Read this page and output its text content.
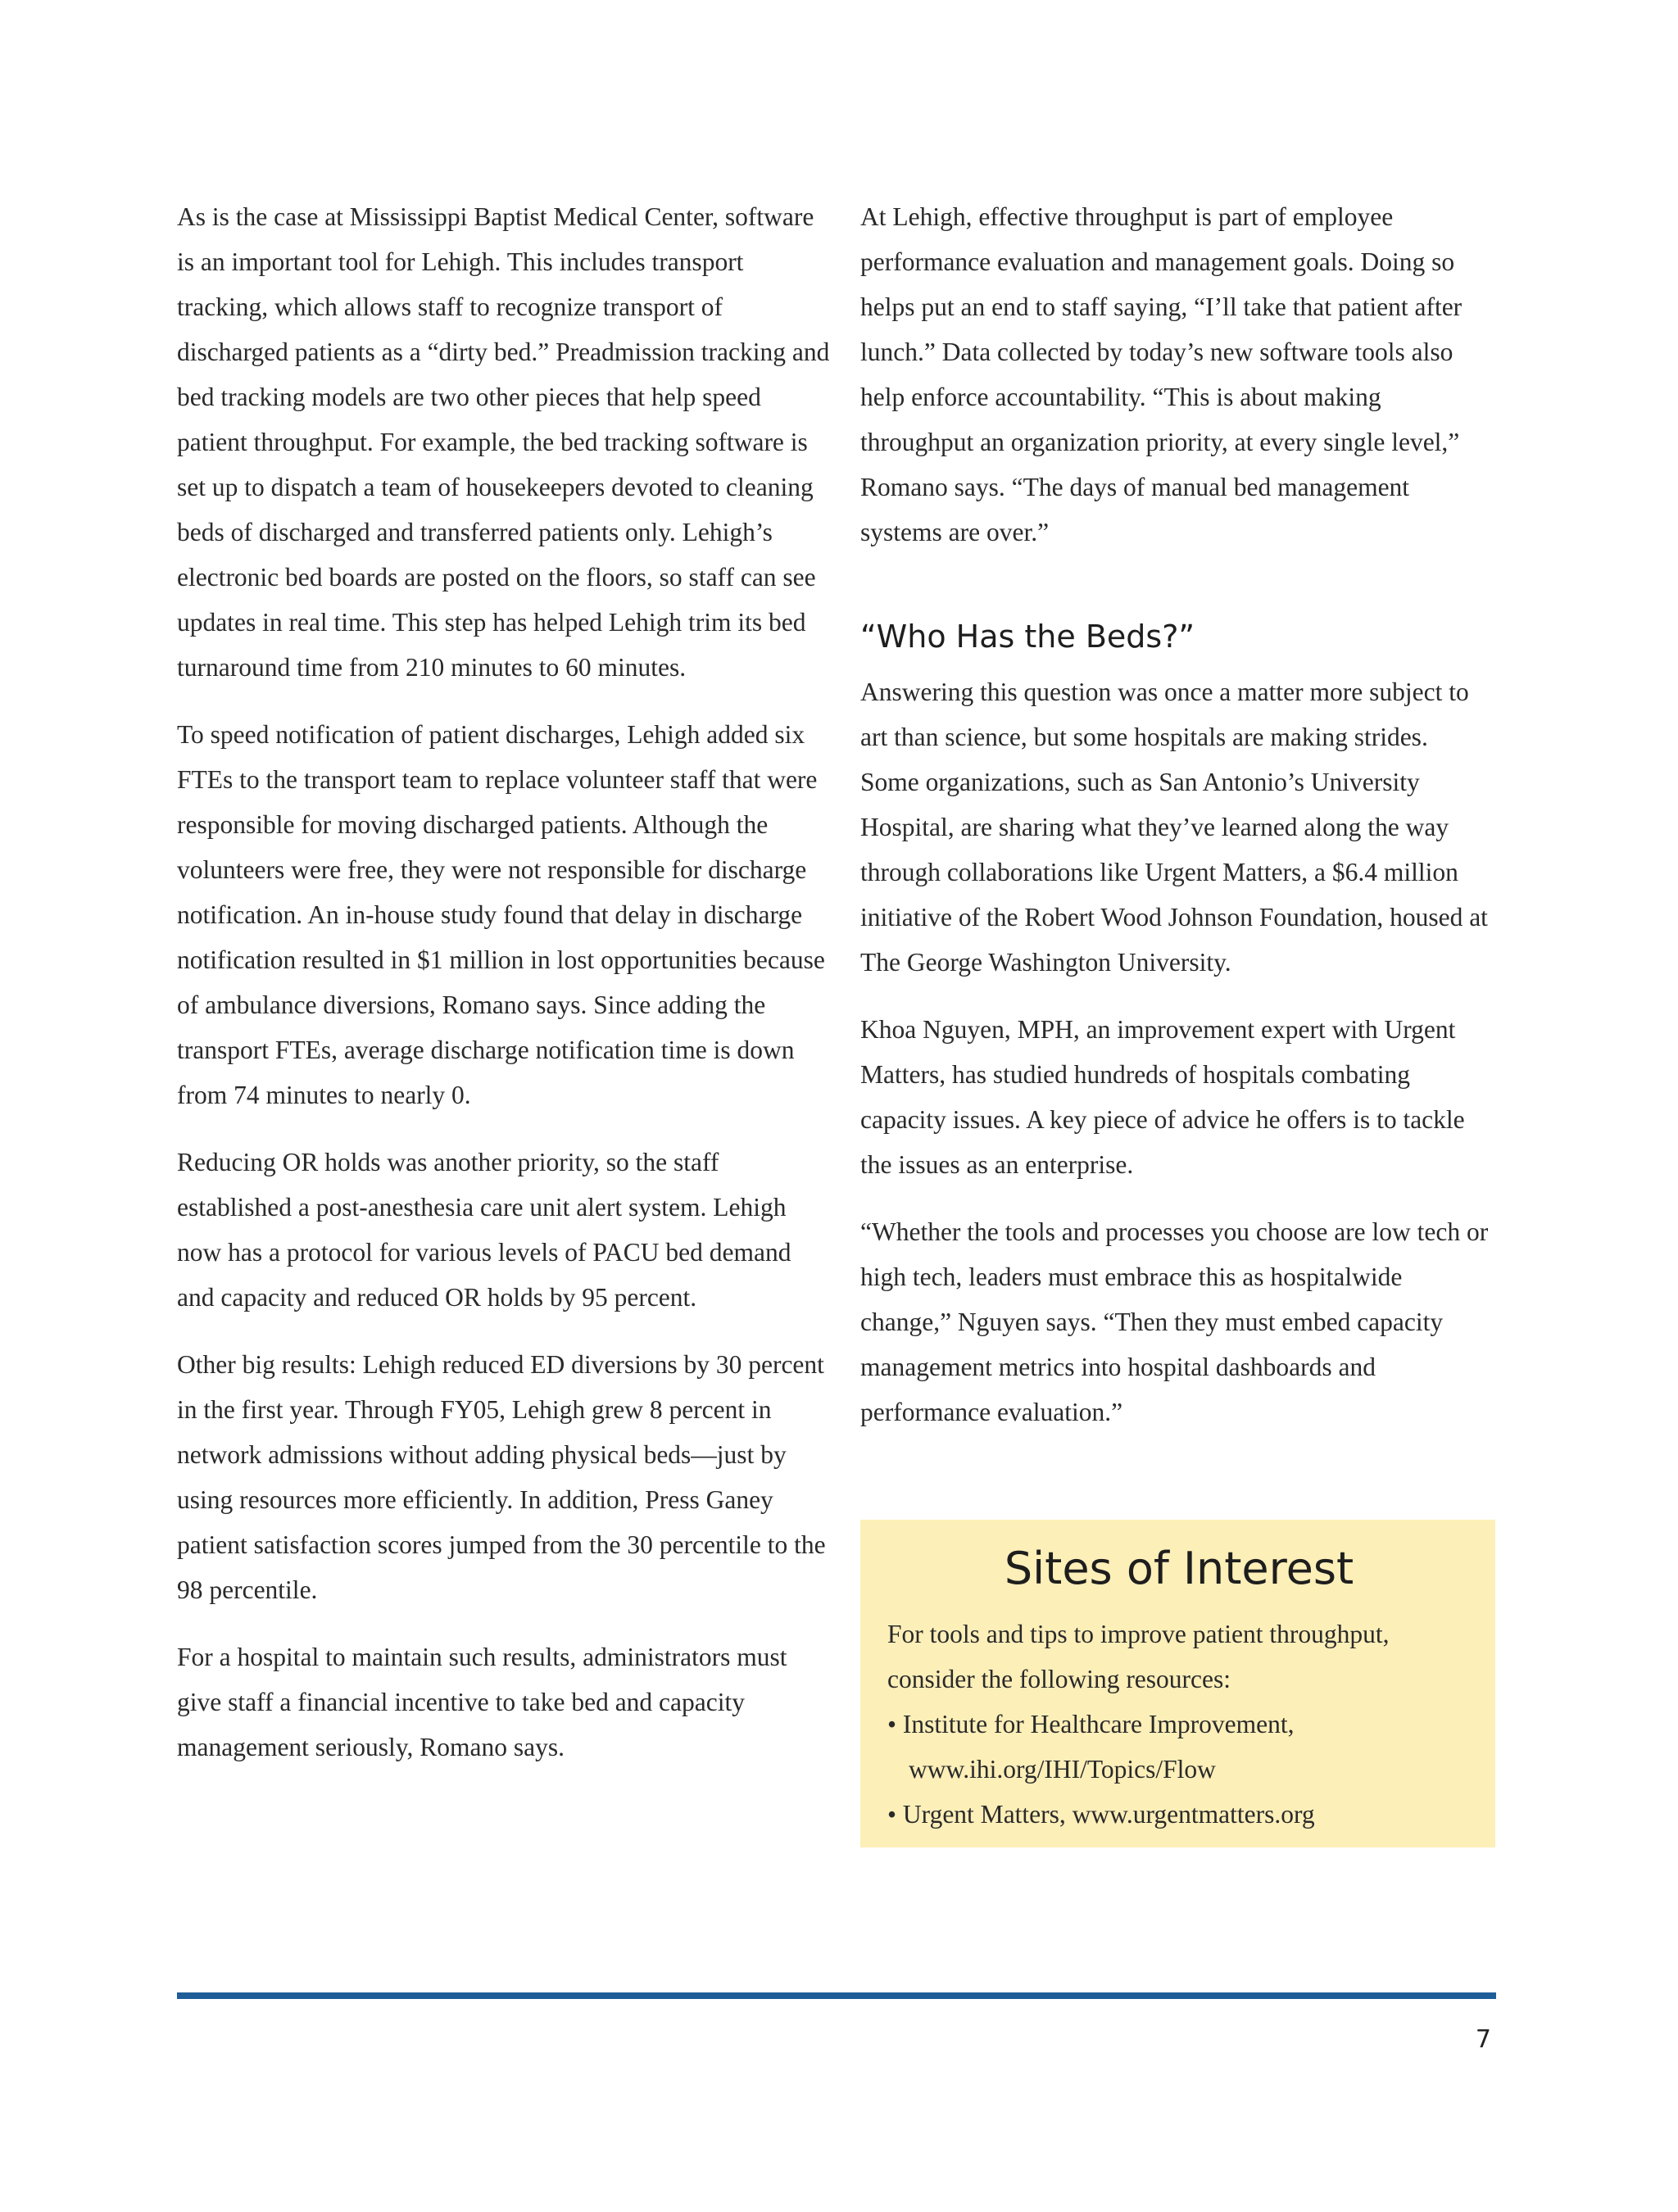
As is the case at Mississippi Baptist Medical Center, software is an important tool for Lehigh. This includes transport tracking, which allows staff to recognize transport of discharged patients as a “dirty bed.” Preadmission tracking and bed tracking models are two other pieces that help speed patient throughput. For example, the bed tracking software is set up to dispatch a team of housekeepers devoted to cleaning beds of discharged and transferred patients only. Lehigh’s electronic bed boards are posted on the floors, so staff can see updates in real time. This step has helped Lehigh trim its bed turnaround time from 210 minutes to 60 minutes.

To speed notification of patient discharges, Lehigh added six FTEs to the transport team to replace volunteer staff that were responsible for moving discharged patients. Although the volunteers were free, they were not responsible for discharge notification. An in-house study found that delay in discharge notification resulted in $1 million in lost opportunities because of ambulance diversions, Romano says. Since adding the transport FTEs, average discharge notification time is down from 74 minutes to nearly 0.

Reducing OR holds was another priority, so the staff established a post-anesthesia care unit alert system. Lehigh now has a protocol for various levels of PACU bed demand and capacity and reduced OR holds by 95 percent.

Other big results: Lehigh reduced ED diversions by 30 percent in the first year. Through FY05, Lehigh grew 8 percent in network admissions without adding physical beds—just by using resources more efficiently. In addition, Press Ganey patient satisfaction scores jumped from the 30 percentile to the 98 percentile.

For a hospital to maintain such results, administrators must give staff a financial incentive to take bed and capacity management seriously, Romano says.

At Lehigh, effective throughput is part of employee performance evaluation and management goals. Doing so helps put an end to staff saying, “I’ll take that patient after lunch.” Data collected by today’s new software tools also help enforce accountability. “This is about making throughput an organization priority, at every single level,” Romano says. “The days of manual bed management systems are over.”

“Who Has the Beds?”

Answering this question was once a matter more subject to art than science, but some hospitals are making strides. Some organizations, such as San Antonio’s University Hospital, are sharing what they’ve learned along the way through collaborations like Urgent Matters, a $6.4 million initiative of the Robert Wood Johnson Foundation, housed at The George Washington University.

Khoa Nguyen, MPH, an improvement expert with Urgent Matters, has studied hundreds of hospitals combating capacity issues. A key piece of advice he offers is to tackle the issues as an enterprise.

“Whether the tools and processes you choose are low tech or high tech, leaders must embrace this as hospitalwide change,” Nguyen says. “Then they must embed capacity management metrics into hospital dashboards and performance evaluation.”

Sites of Interest

For tools and tips to improve patient throughput, consider the following resources:

• Institute for Healthcare Improvement, www.ihi.org/IHI/Topics/Flow
• Urgent Matters, www.urgentmatters.org
7
